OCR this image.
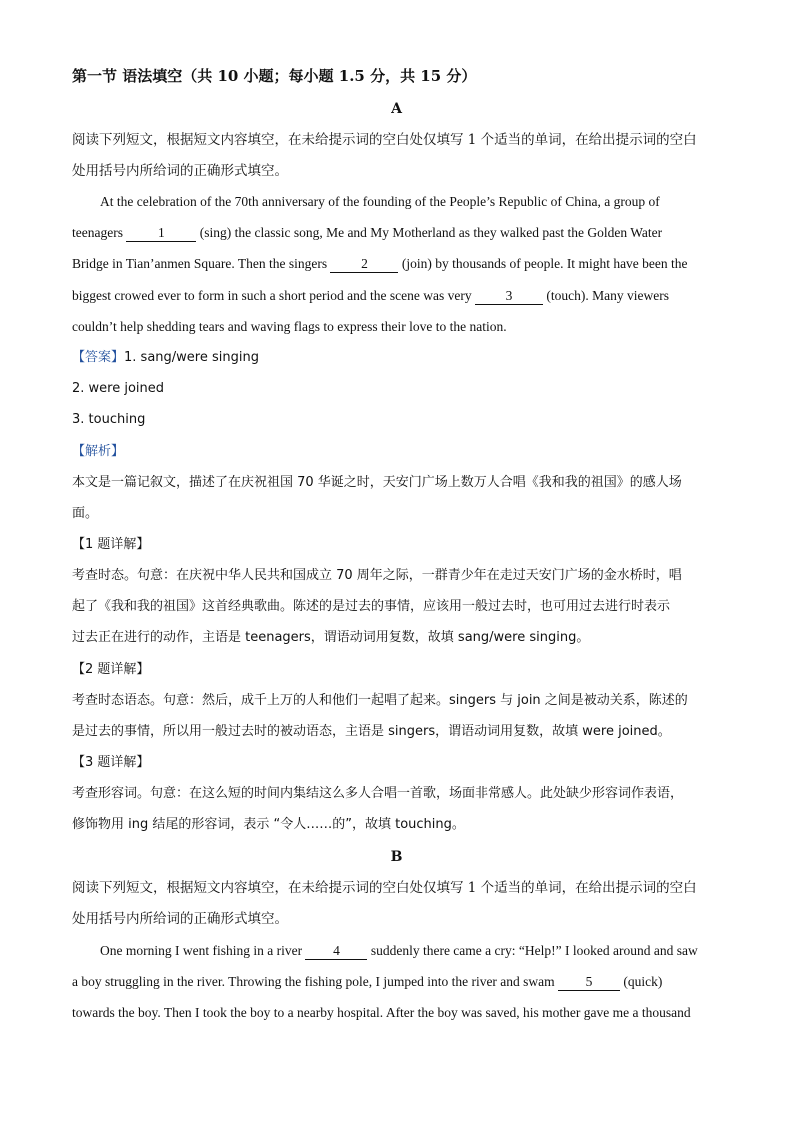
第一节 语法填空（共 10 小题；每小题 1.5 分，共 15 分）
A
阅读下列短文，根据短文内容填空，在未给提示词的空白处仅填写 1 个适当的单词，在给出提示词的空白
处用括号内所给词的正确形式填空。
At the celebration of the 70th anniversary of the founding of the People’s Republic of China, a group of
teenagers 1 (sing) the classic song, Me and My Motherland as they walked past the Golden Water
Bridge in Tian’anmen Square. Then the singers 2 (join) by thousands of people. It might have been the
biggest crowed ever to form in such a short period and the scene was very 3 (touch). Many viewers
couldn’t help shedding tears and waving flags to express their love to the nation.
【答案】1. sang/were singing
2. were joined
3. touching
【解析】
本文是一篇记叙文，描述了在庆祝祖国 70 华诞之时，天安门广场上数万人合唱《我和我的祖国》的感人场
面。
【1 题详解】
考查时态。句意：在庆祝中华人民共和国成立 70 周年之际，一群青少年在走过天安门广场的金水桥时，唱
起了《我和我的祖国》这首经典歌曲。陈述的是过去的事情，应该用一般过去时，也可用过去进行时表示
过去正在进行的动作，主语是 teenagers，谓语动词用复数，故填 sang/were singing。
【2 题详解】
考查时态语态。句意：然后，成千上万的人和他们一起唱了起来。singers 与 join 之间是被动关系，陈述的
是过去的事情，所以用一般过去时的被动语态，主语是 singers，谓语动词用复数，故填 were joined。
【3 题详解】
考查形容词。句意：在这么短的时间内集结这么多人合唱一首歌，场面非常感人。此处缺少形容词作表语，
修饰物用 ing 结尾的形容词，表示 “令人……的”，故填 touching。
B
阅读下列短文，根据短文内容填空，在未给提示词的空白处仅填写 1 个适当的单词，在给出提示词的空白
处用括号内所给词的正确形式填空。
One morning I went fishing in a river 4 suddenly there came a cry: “Help!” I looked around and saw
a boy struggling in the river. Throwing the fishing pole, I jumped into the river and swam 5 (quick)
towards the boy. Then I took the boy to a nearby hospital. After the boy was saved, his mother gave me a thousand
